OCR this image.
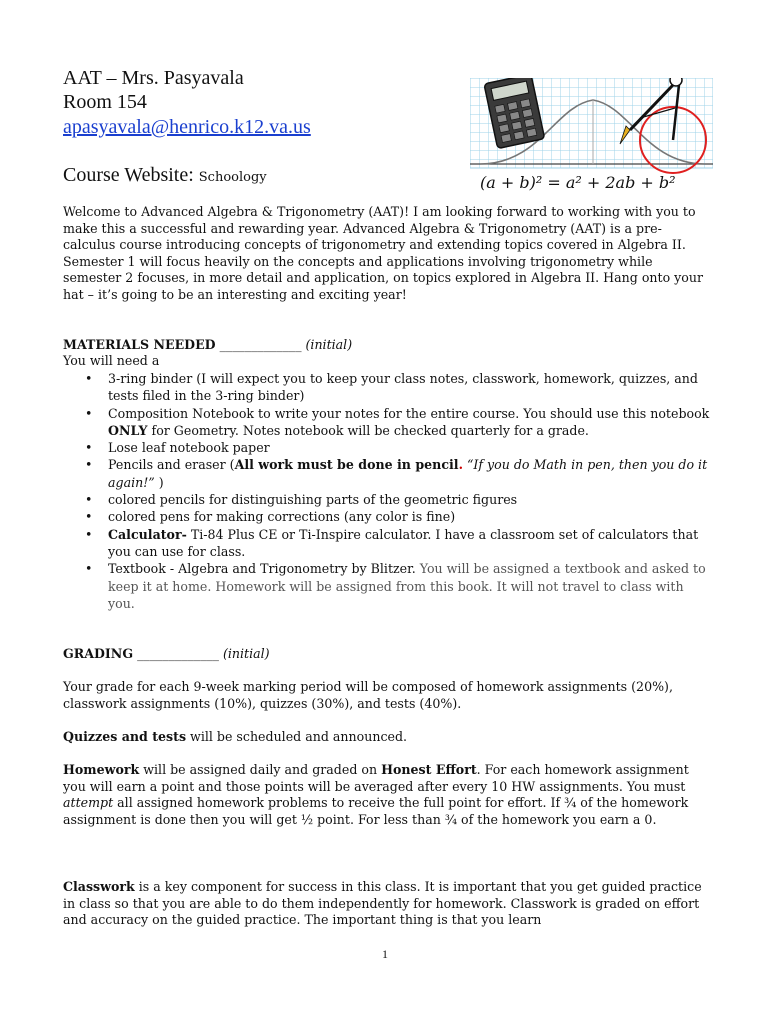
AAT – Mrs. Pasyavala
Room 154
apasyavala@henrico.k12.va.us
Course Website: Schoology	(a + b)² = a² + 2ab + b²
Welcome to Advanced Algebra & Trigonometry (AAT)! I am looking forward to working with you to make this a successful and rewarding year. Advanced Algebra & Trigonometry (AAT) is a pre-calculus course introducing concepts of trigonometry and extending topics covered in Algebra II. Semester 1 will focus heavily on the concepts and applications involving trigonometry while semester 2 focuses, in more detail and application, on topics explored in Algebra II. Hang onto your hat – it’s going to be an interesting and exciting year!
MATERIALS NEEDED _____________ (initial)
You will need a
• 3-ring binder (I will expect you to keep your class notes, classwork, homework, quizzes, and tests filed in the 3-ring binder)
• Composition Notebook to write your notes for the entire course. You should use this notebook ONLY for Geometry. Notes notebook will be checked quarterly for a grade.
• Lose leaf notebook paper
• Pencils and eraser (All work must be done in pencil. “If you do Math in pen, then you do it again!” )
• colored pencils for distinguishing parts of the geometric figures
• colored pens for making corrections (any color is fine)
• Calculator- Ti-84 Plus CE or Ti-Inspire calculator. I have a classroom set of calculators that you can use for class.
• Textbook - Algebra and Trigonometry by Blitzer. You will be assigned a textbook and asked to keep it at home. Homework will be assigned from this book. It will not travel to class with you.
GRADING _____________ (initial)
Your grade for each 9-week marking period will be composed of homework assignments (20%), classwork assignments (10%), quizzes (30%), and tests (40%).
Quizzes and tests will be scheduled and announced.
Homework will be assigned daily and graded on Honest Effort. For each homework assignment you will earn a point and those points will be averaged after every 10 HW assignments. You must attempt all assigned homework problems to receive the full point for effort. If ¾ of the homework assignment is done then you will get ½ point. For less than ¾ of the homework you earn a 0.
Classwork is a key component for success in this class. It is important that you get guided practice in class so that you are able to do them independently for homework. Classwork is graded on effort and accuracy on the guided practice. The important thing is that you learn
1
